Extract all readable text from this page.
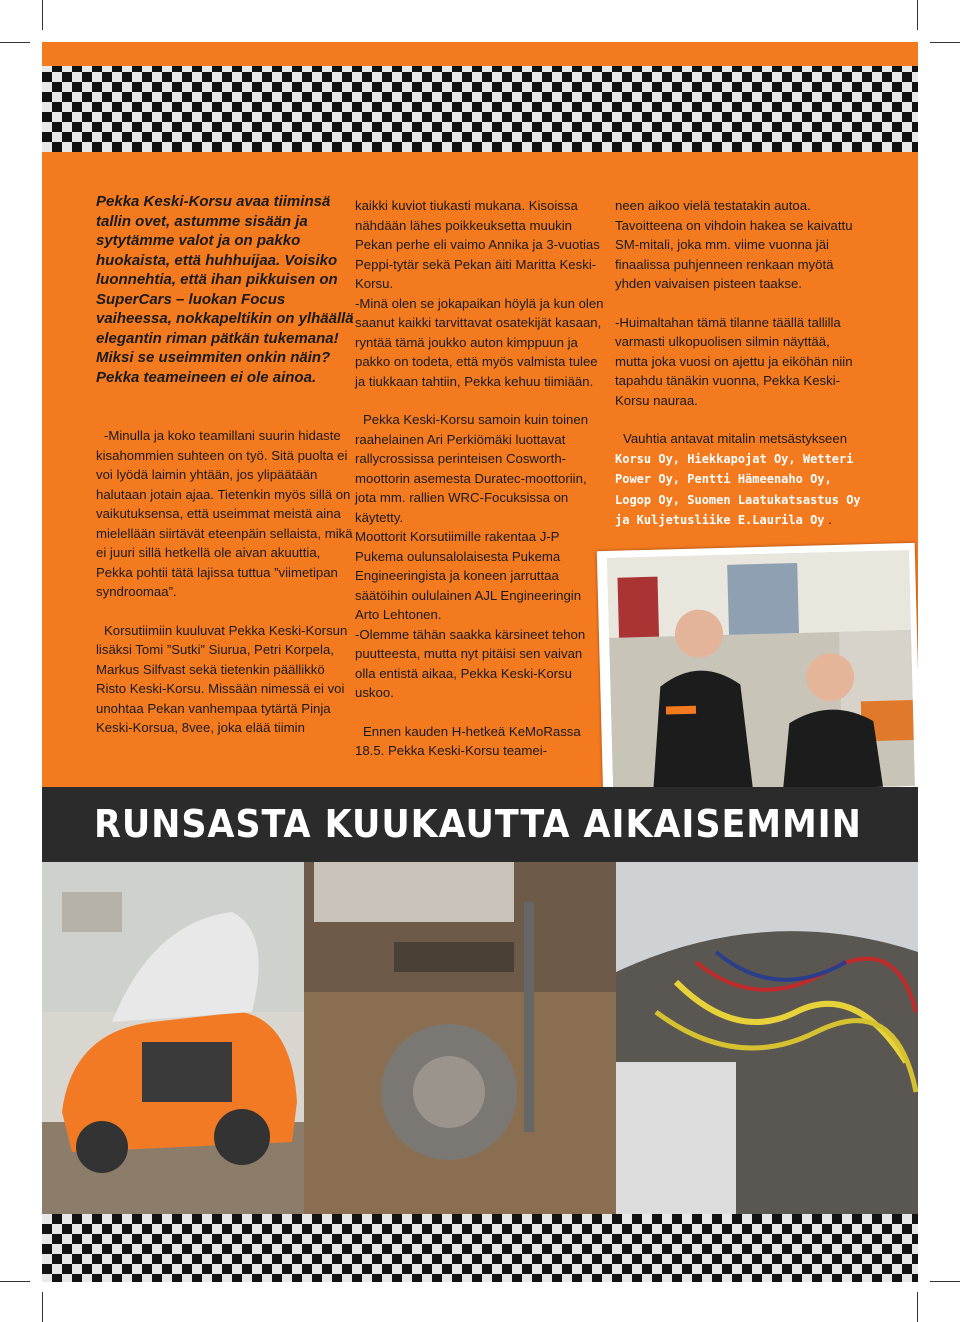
Pekka Keski-Korsu avaa tiiminsä tallin ovet, astumme sisään ja sytytämme valot ja on pakko huokaista, että huhhuijaa. Voisiko luonnehtia, että ihan pikkuisen on SuperCars – luokan Focus vaiheessa, nokkapeltikin on ylhäällä elegantin riman pätkän tukemana! Miksi se useimmiten onkin näin? Pekka teameineen ei ole ainoa.
-Minulla ja koko teamillani suurin hidaste kisahommien suhteen on työ. Sitä puolta ei voi lyödä laimin yhtään, jos ylipäätään halutaan jotain ajaa. Tietenkin myös sillä on vaikutuksensa, että useimmat meistä aina mielellään siirtävät eteenpäin sellaista, mikä ei juuri sillä hetkellä ole aivan akuuttia, Pekka pohtii tätä lajissa tuttua ”viimetipan syndroomaa”.
Korsutiimiin kuuluvat Pekka Keski-Korsun lisäksi Tomi ”Sutki” Siurua, Petri Korpela, Markus Silfvast sekä tietenkin päällikkö Risto Keski-Korsu. Missään nimessä ei voi unohtaa Pekan vanhempaa tytärtä Pinja Keski-Korsua, 8vee, joka elää tiimin
kaikki kuviot tiukasti mukana. Kisoissa nähdään lähes poikkeuksetta muukin Pekan perhe eli vaimo Annika ja 3-vuotias Peppi-tytär sekä Pekan äiti Maritta Keski-Korsu.
-Minä olen se jokapaikan höylä ja kun olen saanut kaikki tarvittavat osatekijät kasaan, ryntää tämä joukko auton kimppuun ja pakko on todeta, että myös valmista tulee ja tiukkaan tahtiin, Pekka kehuu tiimiään.
Pekka Keski-Korsu samoin kuin toinen raahelainen Ari Perkiömäki luottavat rallycrossissa perinteisen Cosworth-moottorin asemesta Duratec-moottoriin, jota mm. rallien WRC-Focuksissa on käytetty.
Moottorit Korsutiimille rakentaa J-P Pukema oulunsalolaisesta Pukema Engineeringista ja koneen jarruttaa säätöihin oululainen AJL Engineeringin Arto Lehtonen.
-Olemme tähän saakka kärsineet tehon puutteesta, mutta nyt pitäisi sen vaivan olla entistä aikaa, Pekka Keski-Korsu uskoo.
Ennen kauden H-hetkeä KeMoRassa 18.5. Pekka Keski-Korsu teamei-
neen aikoo vielä testatakin autoa. Tavoitteena on vihdoin hakea se kaivattu SM-mitali, joka mm. viime vuonna jäi finaalissa puhjenneen renkaan myötä yhden vaivaisen pisteen taakse.
-Huimaltahan tämä tilanne täällä tallilla varmasti ulkopuolisen silmin näyttää, mutta joka vuosi on ajettu ja eiköhän niin tapahdu tänäkin vuonna, Pekka Keski-Korsu nauraa.
Vauhtia antavat mitalin metsästykseen Korsu Oy, Hiekkapojat Oy, Wetteri Power Oy, Pentti Hämeenaho Oy, Logop Oy, Suomen Laatukatsastus Oy ja Kuljetusliike E.Laurila Oy .
RUNSASTA KUUKAUTTA AIKAISEMMIN
